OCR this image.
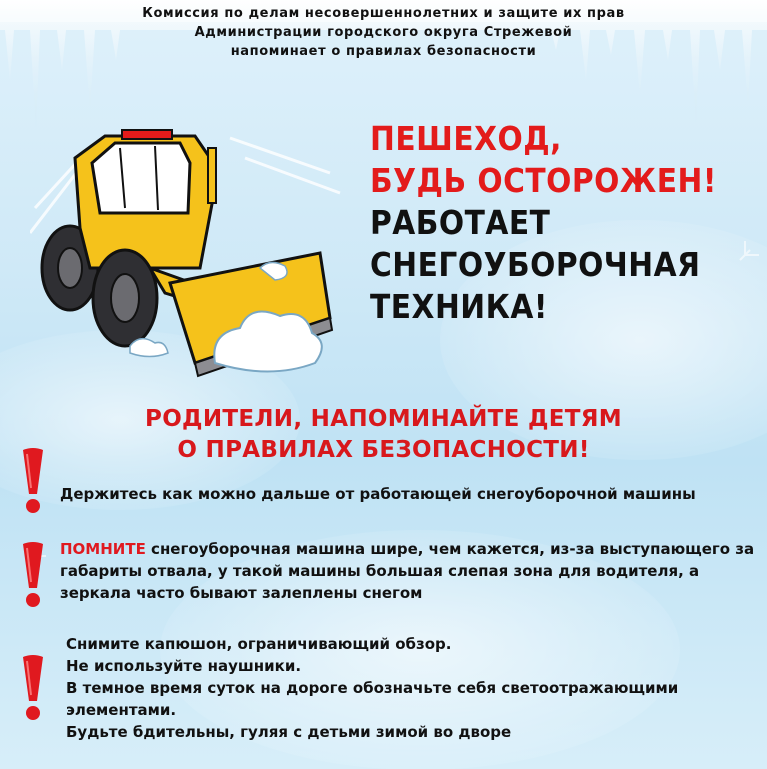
Комиссия по делам несовершеннолетних и защите их прав
Администрации городского округа Стрежевой
напоминает о правилах безопасности
ПЕШЕХОД,
БУДЬ ОСТОРОЖЕН!
РАБОТАЕТ
СНЕГОУБОРОЧНАЯ
ТЕХНИКА!
РОДИТЕЛИ, НАПОМИНАЙТЕ ДЕТЯМ
О ПРАВИЛАХ БЕЗОПАСНОСТИ!
Держитесь как можно дальше от работающей снегоуборочной машины
ПОМНИТЕ снегоуборочная машина шире, чем кажется, из-за выступающего за габариты отвала, у такой машины большая слепая зона для водителя, а зеркала часто бывают залеплены снегом
Снимите капюшон, ограничивающий обзор.
Не используйте наушники.
В темное время суток на дороге обозначьте себя светоотражающими
элементами.
Будьте бдительны, гуляя с детьми зимой во дворе
